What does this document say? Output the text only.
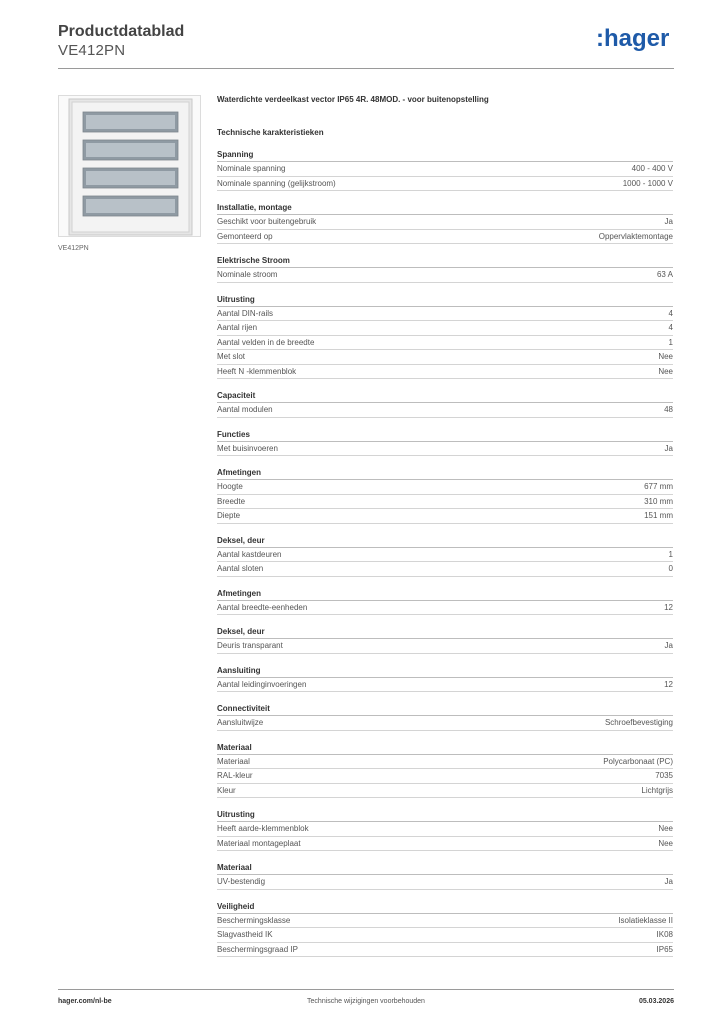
Productdatablad
VE412PN	:hager
VE412PN
Waterdichte verdeelkast vector IP65 4R. 48MOD. - voor buitenopstelling
Technische karakteristieken
Spanning
Nominale spanning	400 - 400 V
Nominale spanning (gelijkstroom)	1000 - 1000 V
Installatie, montage
Geschikt voor buitengebruik	Ja
Gemonteerd op	Oppervlaktemontage
Elektrische Stroom
Nominale stroom	63 A
Uitrusting
Aantal DIN-rails	4
Aantal rijen	4
Aantal velden in de breedte	1
Met slot	Nee
Heeft N -klemmenblok	Nee
Capaciteit
Aantal modulen	48
Functies
Met buisinvoeren	Ja
Afmetingen
Hoogte	677 mm
Breedte	310 mm
Diepte	151 mm
Deksel, deur
Aantal kastdeuren	1
Aantal sloten	0
Afmetingen
Aantal breedte-eenheden	12
Deksel, deur
Deuris transparant	Ja
Aansluiting
Aantal leidinginvoeringen	12
Connectiviteit
Aansluitwijze	Schroefbevestiging
Materiaal
Materiaal	Polycarbonaat (PC)
RAL-kleur	7035
Kleur	Lichtgrijs
Uitrusting
Heeft aarde-klemmenblok	Nee
Materiaal montageplaat	Nee
Materiaal
UV-bestendig	Ja
Veiligheid
Beschermingsklasse	Isolatieklasse II
Slagvastheid IK	IK08
Beschermingsgraad IP	IP65
hager.com/nl-be	Technische wijzigingen voorbehouden	05.03.2026
